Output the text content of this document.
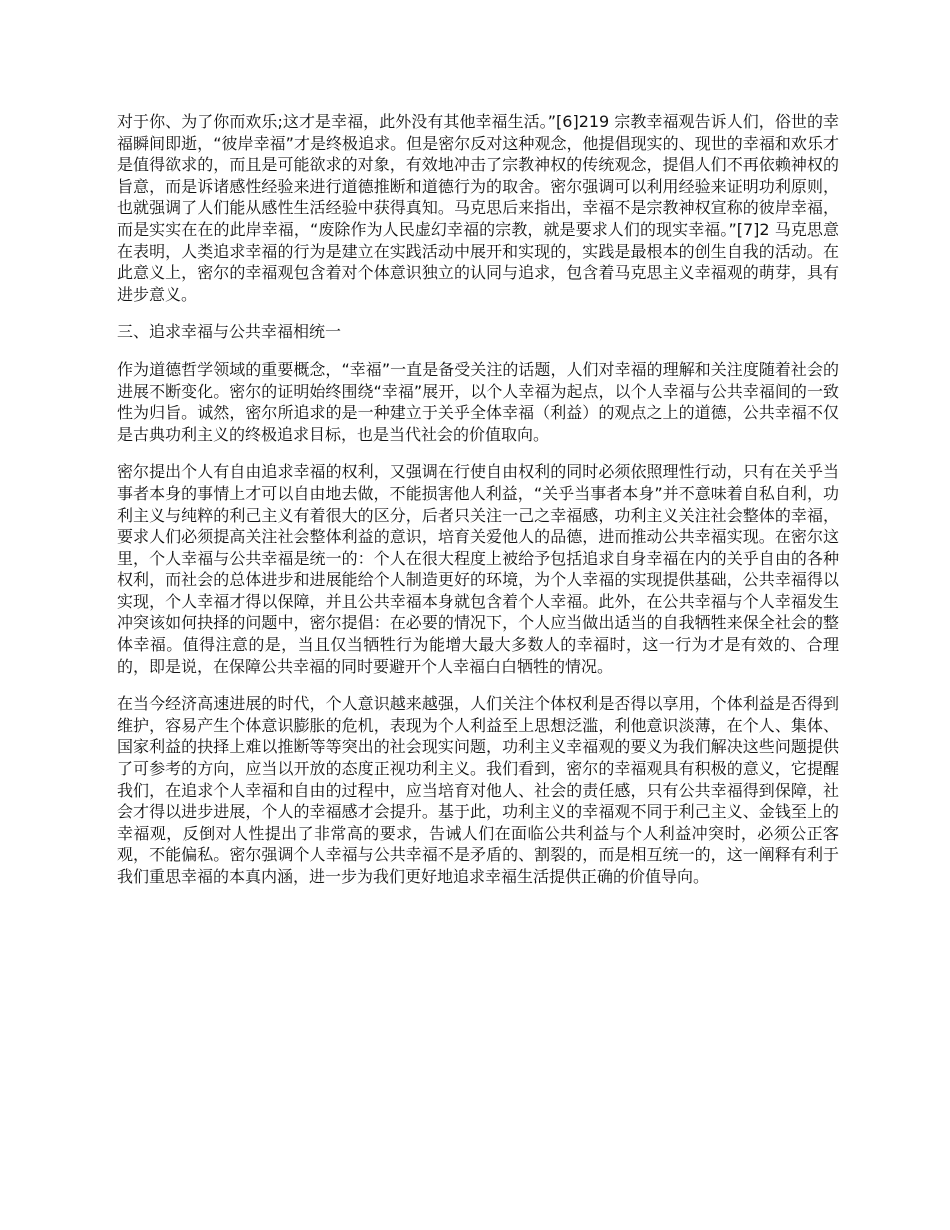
对于你、为了你而欢乐;这才是幸福，此外没有其他幸福生活。”[6]219 宗教幸福观告诉人们，俗世的幸福瞬间即逝，“彼岸幸福”才是终极追求。但是密尔反对这种观念，他提倡现实的、现世的幸福和欢乐才是值得欲求的，而且是可能欲求的对象，有效地冲击了宗教神权的传统观念，提倡人们不再依赖神权的旨意，而是诉诸感性经验来进行道德推断和道德行为的取舍。密尔强调可以利用经验来证明功利原则，也就强调了人们能从感性生活经验中获得真知。马克思后来指出，幸福不是宗教神权宣称的彼岸幸福，而是实实在在的此岸幸福，“废除作为人民虚幻幸福的宗教，就是要求人们的现实幸福。”[7]2 马克思意在表明，人类追求幸福的行为是建立在实践活动中展开和实现的，实践是最根本的创生自我的活动。在此意义上，密尔的幸福观包含着对个体意识独立的认同与追求，包含着马克思主义幸福观的萌芽，具有进步意义。

三、追求幸福与公共幸福相统一

作为道德哲学领域的重要概念，“幸福”一直是备受关注的话题，人们对幸福的理解和关注度随着社会的进展不断变化。密尔的证明始终围绕“幸福”展开，以个人幸福为起点，以个人幸福与公共幸福间的一致性为归旨。诚然，密尔所追求的是一种建立于关乎全体幸福（利益）的观点之上的道德，公共幸福不仅是古典功利主义的终极追求目标，也是当代社会的价值取向。

密尔提出个人有自由追求幸福的权利，又强调在行使自由权利的同时必须依照理性行动，只有在关乎当事者本身的事情上才可以自由地去做，不能损害他人利益，“关乎当事者本身”并不意味着自私自利，功利主义与纯粹的利己主义有着很大的区分，后者只关注一己之幸福感，功利主义关注社会整体的幸福，要求人们必须提高关注社会整体利益的意识，培育关爱他人的品德，进而推动公共幸福实现。在密尔这里，个人幸福与公共幸福是统一的：个人在很大程度上被给予包括追求自身幸福在内的关乎自由的各种权利，而社会的总体进步和进展能给个人制造更好的环境，为个人幸福的实现提供基础，公共幸福得以实现，个人幸福才得以保障，并且公共幸福本身就包含着个人幸福。此外，在公共幸福与个人幸福发生冲突该如何抉择的问题中，密尔提倡：在必要的情况下，个人应当做出适当的自我牺牲来保全社会的整体幸福。值得注意的是，当且仅当牺牲行为能增大最大多数人的幸福时，这一行为才是有效的、合理的，即是说，在保障公共幸福的同时要避开个人幸福白白牺牲的情况。

在当今经济高速进展的时代，个人意识越来越强，人们关注个体权利是否得以享用，个体利益是否得到维护，容易产生个体意识膨胀的危机，表现为个人利益至上思想泛滥，利他意识淡薄，在个人、集体、国家利益的抉择上难以推断等等突出的社会现实问题，功利主义幸福观的要义为我们解决这些问题提供了可参考的方向，应当以开放的态度正视功利主义。我们看到，密尔的幸福观具有积极的意义，它提醒我们，在追求个人幸福和自由的过程中，应当培育对他人、社会的责任感，只有公共幸福得到保障，社会才得以进步进展，个人的幸福感才会提升。基于此，功利主义的幸福观不同于利己主义、金钱至上的幸福观，反倒对人性提出了非常高的要求，告诫人们在面临公共利益与个人利益冲突时，必须公正客观，不能偏私。密尔强调个人幸福与公共幸福不是矛盾的、割裂的，而是相互统一的，这一阐释有利于我们重思幸福的本真内涵，进一步为我们更好地追求幸福生活提供正确的价值导向。
